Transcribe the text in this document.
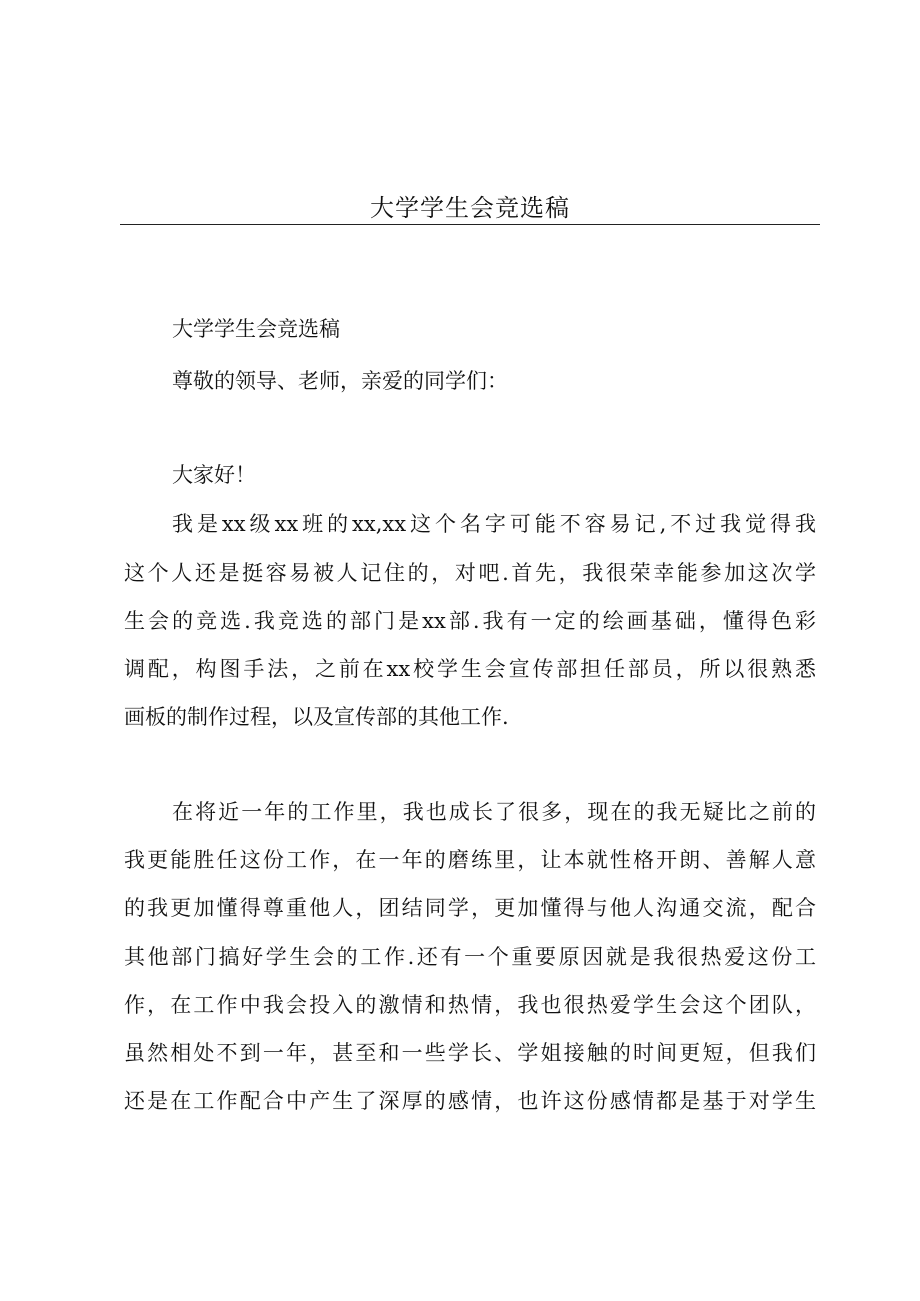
大学学生会竞选稿

大学学生会竞选稿

尊敬的领导、老师，亲爱的同学们：

大家好！

我是xx级xx班的xx,xx这个名字可能不容易记,不过我觉得我

这个人还是挺容易被人记住的，对吧.首先，我很荣幸能参加这次学

生会的竞选.我竞选的部门是xx部.我有一定的绘画基础，懂得色彩

调配，构图手法，之前在xx校学生会宣传部担任部员，所以很熟悉

画板的制作过程，以及宣传部的其他工作.

在将近一年的工作里，我也成长了很多，现在的我无疑比之前的

我更能胜任这份工作，在一年的磨练里，让本就性格开朗、善解人意

的我更加懂得尊重他人，团结同学，更加懂得与他人沟通交流，配合

其他部门搞好学生会的工作.还有一个重要原因就是我很热爱这份工

作，在工作中我会投入的激情和热情，我也很热爱学生会这个团队，

虽然相处不到一年，甚至和一些学长、学姐接触的时间更短，但我们

还是在工作配合中产生了深厚的感情，也许这份感情都是基于对学生
